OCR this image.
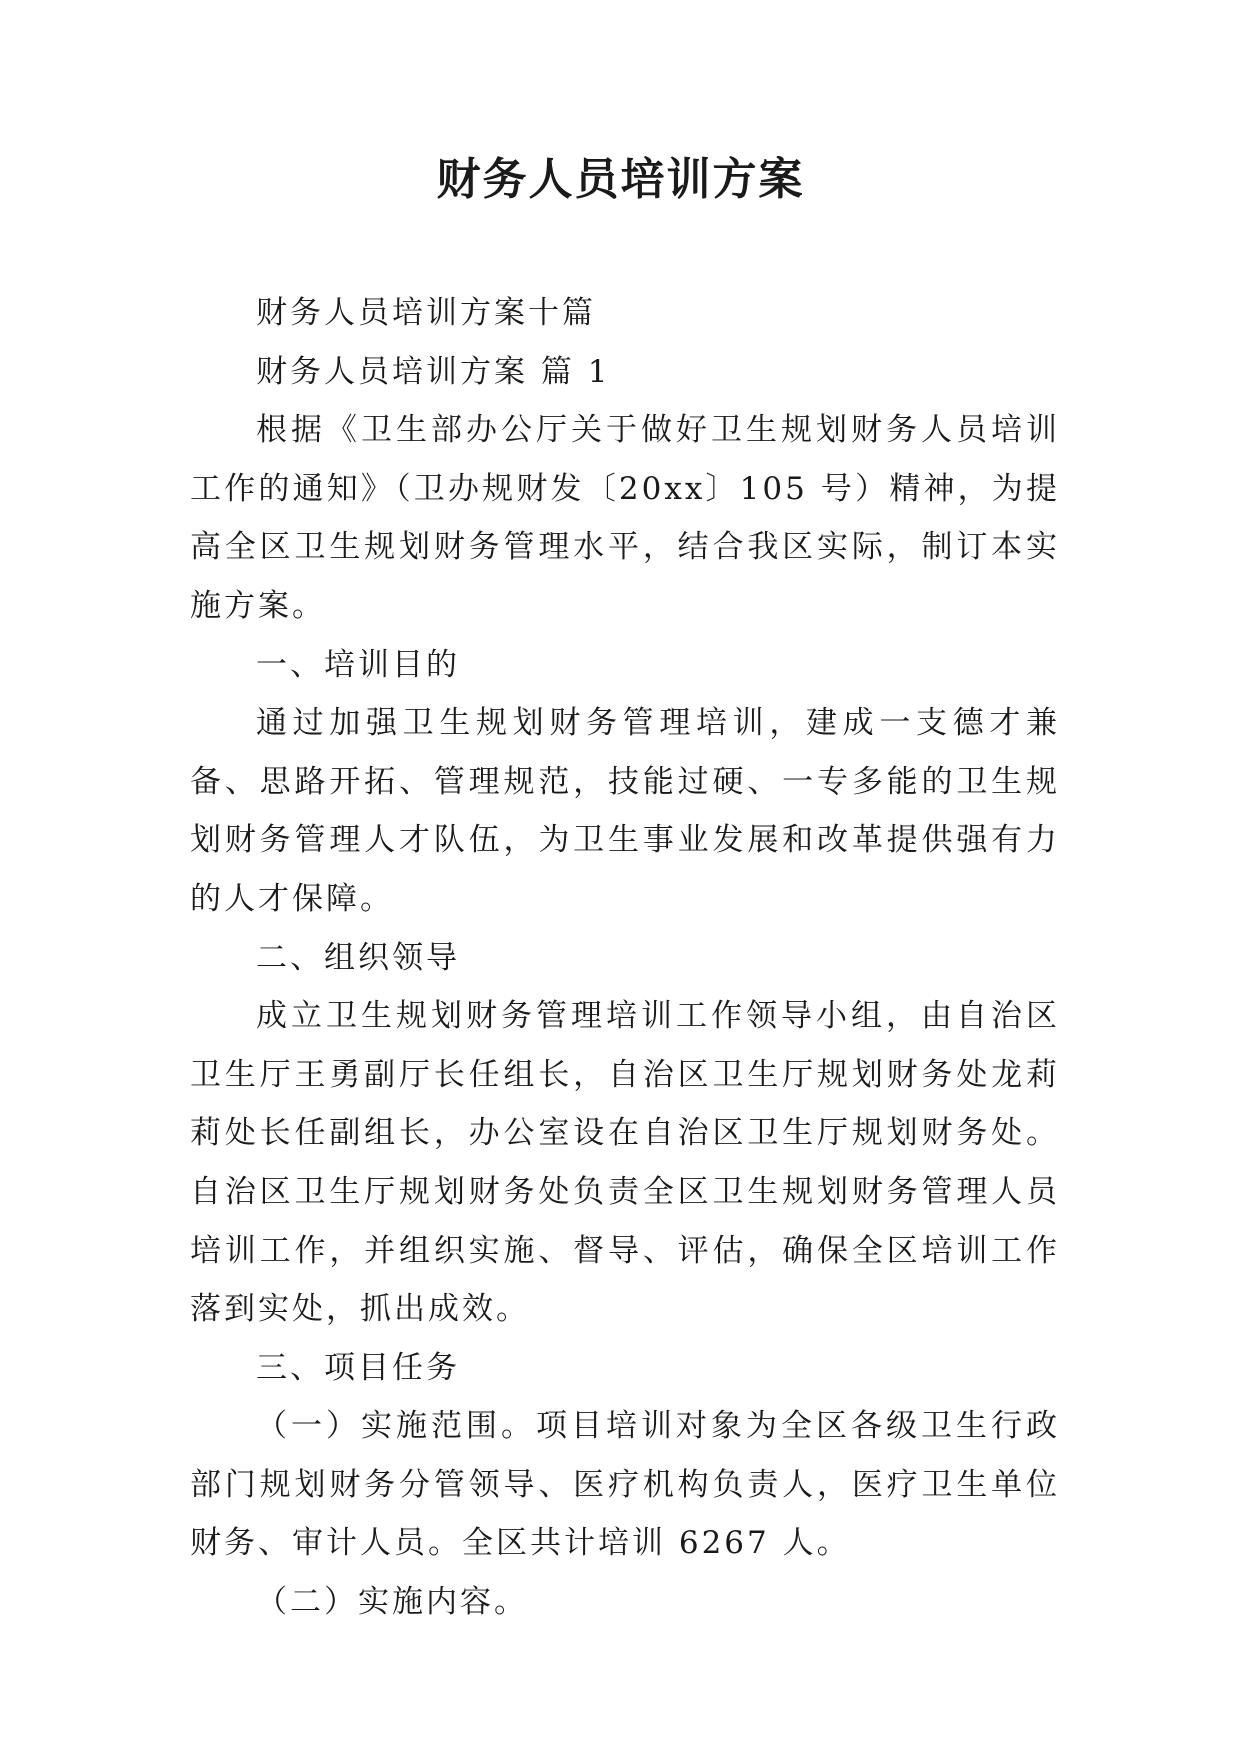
财务人员培训方案

财务人员培训方案十篇

财务人员培训方案 篇 1

根据《卫生部办公厅关于做好卫生规划财务人员培训工作的通知》（卫办规财发〔20xx〕105 号）精神，为提高全区卫生规划财务管理水平，结合我区实际，制订本实施方案。

一、培训目的

通过加强卫生规划财务管理培训，建成一支德才兼备、思路开拓、管理规范，技能过硬、一专多能的卫生规划财务管理人才队伍，为卫生事业发展和改革提供强有力的人才保障。

二、组织领导

成立卫生规划财务管理培训工作领导小组，由自治区卫生厅王勇副厅长任组长，自治区卫生厅规划财务处龙莉莉处长任副组长，办公室设在自治区卫生厅规划财务处。自治区卫生厅规划财务处负责全区卫生规划财务管理人员培训工作，并组织实施、督导、评估，确保全区培训工作落到实处，抓出成效。

三、项目任务

（一）实施范围。项目培训对象为全区各级卫生行政部门规划财务分管领导、医疗机构负责人，医疗卫生单位财务、审计人员。全区共计培训 6267 人。

（二）实施内容。
